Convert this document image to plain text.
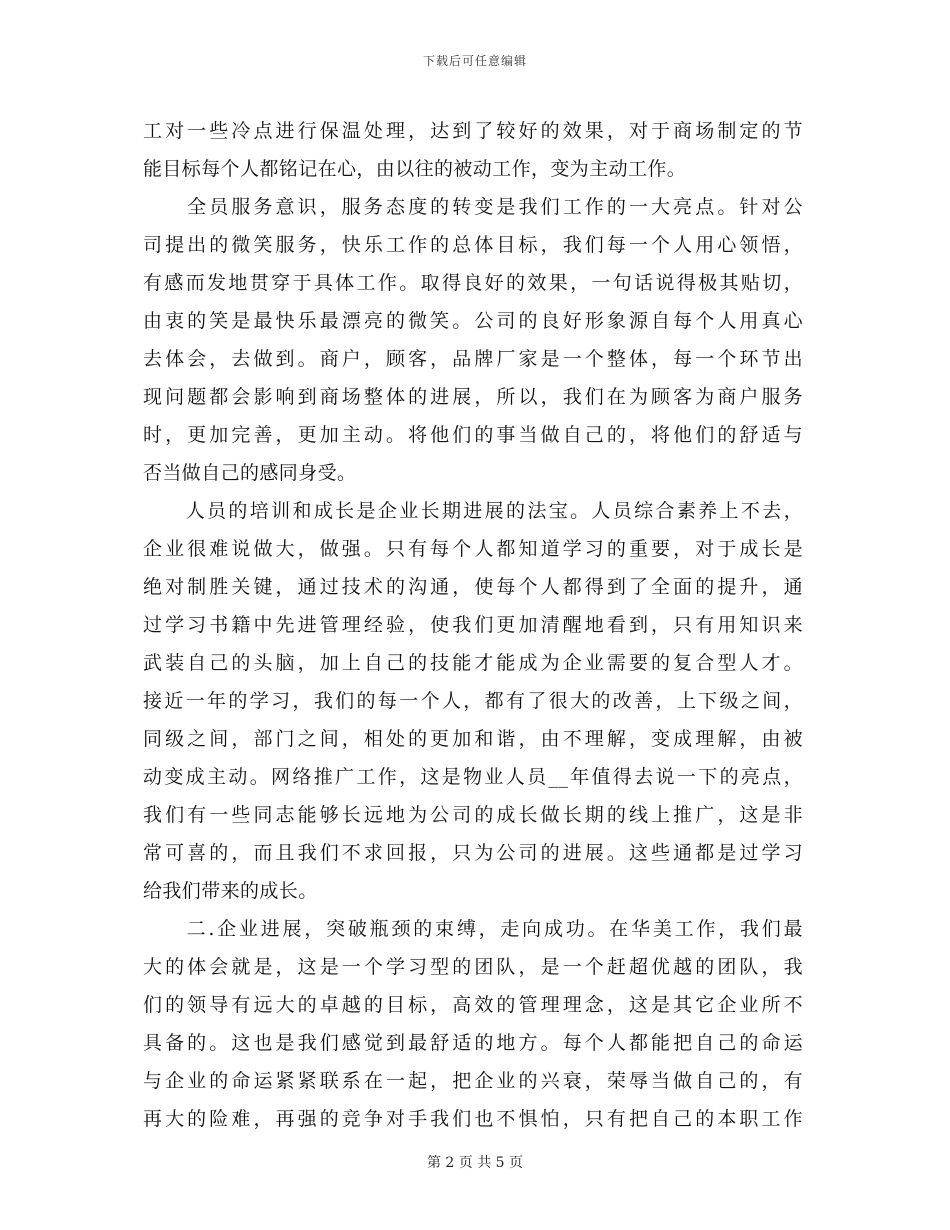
下载后可任意编辑
工对一些冷点进行保温处理，达到了较好的效果，对于商场制定的节
能目标每个人都铭记在心，由以往的被动工作，变为主动工作。
　　全员服务意识，服务态度的转变是我们工作的一大亮点。针对公
司提出的微笑服务，快乐工作的总体目标，我们每一个人用心领悟，
有感而发地贯穿于具体工作。取得良好的效果，一句话说得极其贴切，
由衷的笑是最快乐最漂亮的微笑。公司的良好形象源自每个人用真心
去体会，去做到。商户，顾客，品牌厂家是一个整体，每一个环节出
现问题都会影响到商场整体的进展，所以，我们在为顾客为商户服务
时，更加完善，更加主动。将他们的事当做自己的，将他们的舒适与
否当做自己的感同身受。
　　人员的培训和成长是企业长期进展的法宝。人员综合素养上不去，
企业很难说做大，做强。只有每个人都知道学习的重要，对于成长是
绝对制胜关键，通过技术的沟通，使每个人都得到了全面的提升，通
过学习书籍中先进管理经验，使我们更加清醒地看到，只有用知识来
武装自己的头脑，加上自己的技能才能成为企业需要的复合型人才。
接近一年的学习，我们的每一个人，都有了很大的改善，上下级之间，
同级之间，部门之间，相处的更加和谐，由不理解，变成理解，由被
动变成主动。网络推广工作，这是物业人员__年值得去说一下的亮点，
我们有一些同志能够长远地为公司的成长做长期的线上推广，这是非
常可喜的，而且我们不求回报，只为公司的进展。这些通都是过学习
给我们带来的成长。
　　二.企业进展，突破瓶颈的束缚，走向成功。在华美工作，我们最
大的体会就是，这是一个学习型的团队，是一个赶超优越的团队，我
们的领导有远大的卓越的目标，高效的管理理念，这是其它企业所不
具备的。这也是我们感觉到最舒适的地方。每个人都能把自己的命运
与企业的命运紧紧联系在一起，把企业的兴衰，荣辱当做自己的，有
再大的险难，再强的竞争对手我们也不惧怕，只有把自己的本职工作
第 2 页 共 5 页
